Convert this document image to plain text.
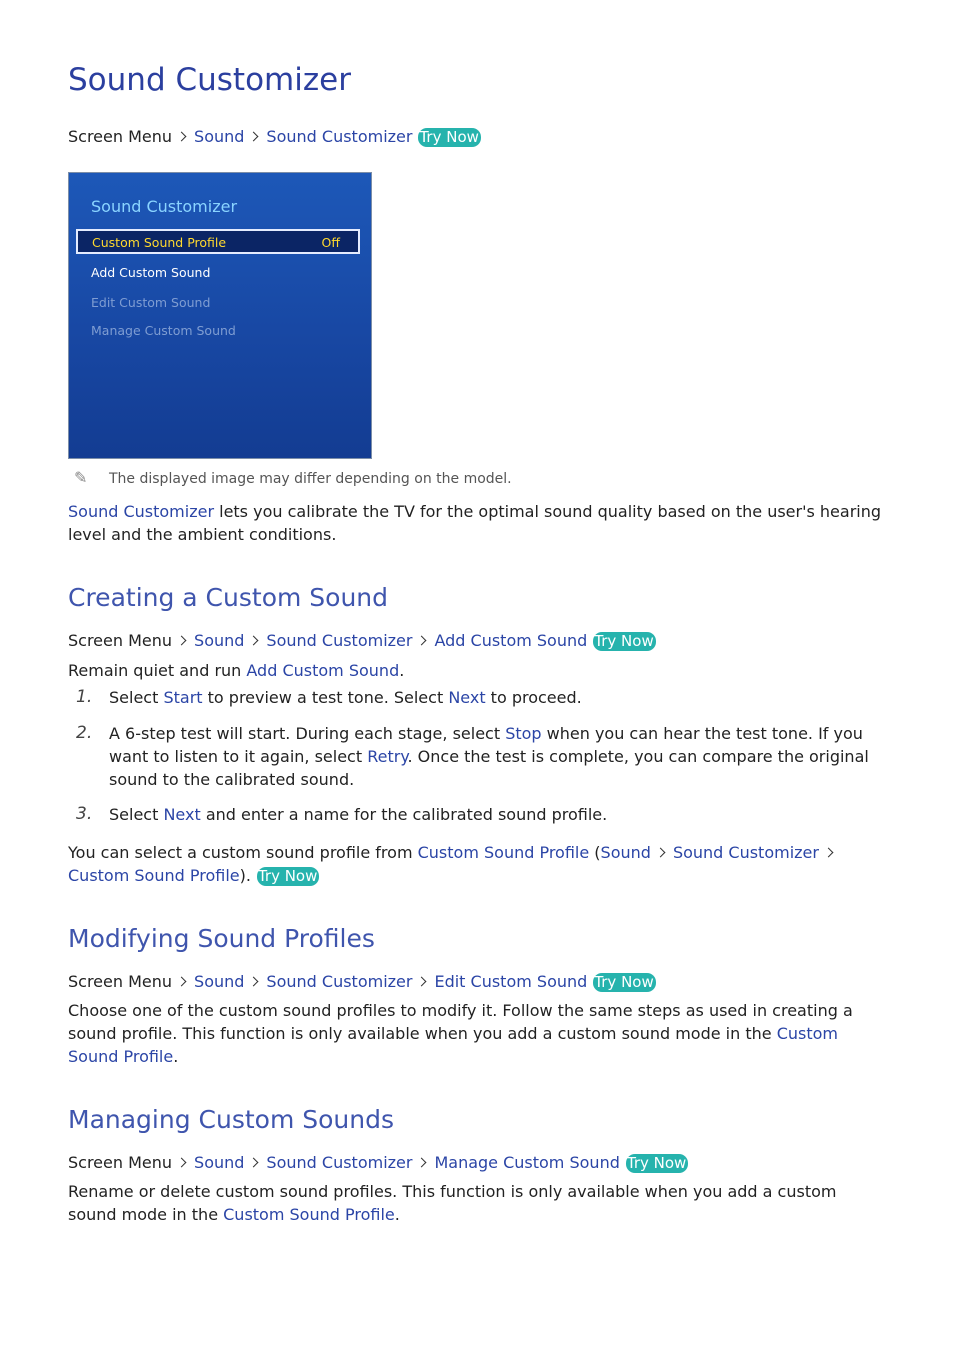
Sound Customizer
Screen Menu Sound Sound Customizer Try Now
Sound Customizer
Custom Sound Profile	Off
Add Custom Sound
Edit Custom Sound
Manage Custom Sound
✎ The displayed image may differ depending on the model.
Sound Customizer lets you calibrate the TV for the optimal sound quality based on the user's hearing level and the ambient conditions.
Creating a Custom Sound
Screen Menu Sound Sound Customizer Add Custom Sound Try Now
Remain quiet and run Add Custom Sound.
1. Select Start to preview a test tone. Select Next to proceed.
2. A 6-step test will start. During each stage, select Stop when you can hear the test tone. If you want to listen to it again, select Retry. Once the test is complete, you can compare the original sound to the calibrated sound.
3. Select Next and enter a name for the calibrated sound profile.
You can select a custom sound profile from Custom Sound Profile (Sound Sound CustomizerCustom Sound Profile). Try Now
Modifying Sound Profiles
Screen Menu Sound Sound Customizer Edit Custom Sound Try Now
Choose one of the custom sound profiles to modify it. Follow the same steps as used in creating a sound profile. This function is only available when you add a custom sound mode in the Custom Sound Profile.
Managing Custom Sounds
Screen Menu Sound Sound Customizer Manage Custom Sound Try Now
Rename or delete custom sound profiles. This function is only available when you add a custom sound mode in the Custom Sound Profile.
